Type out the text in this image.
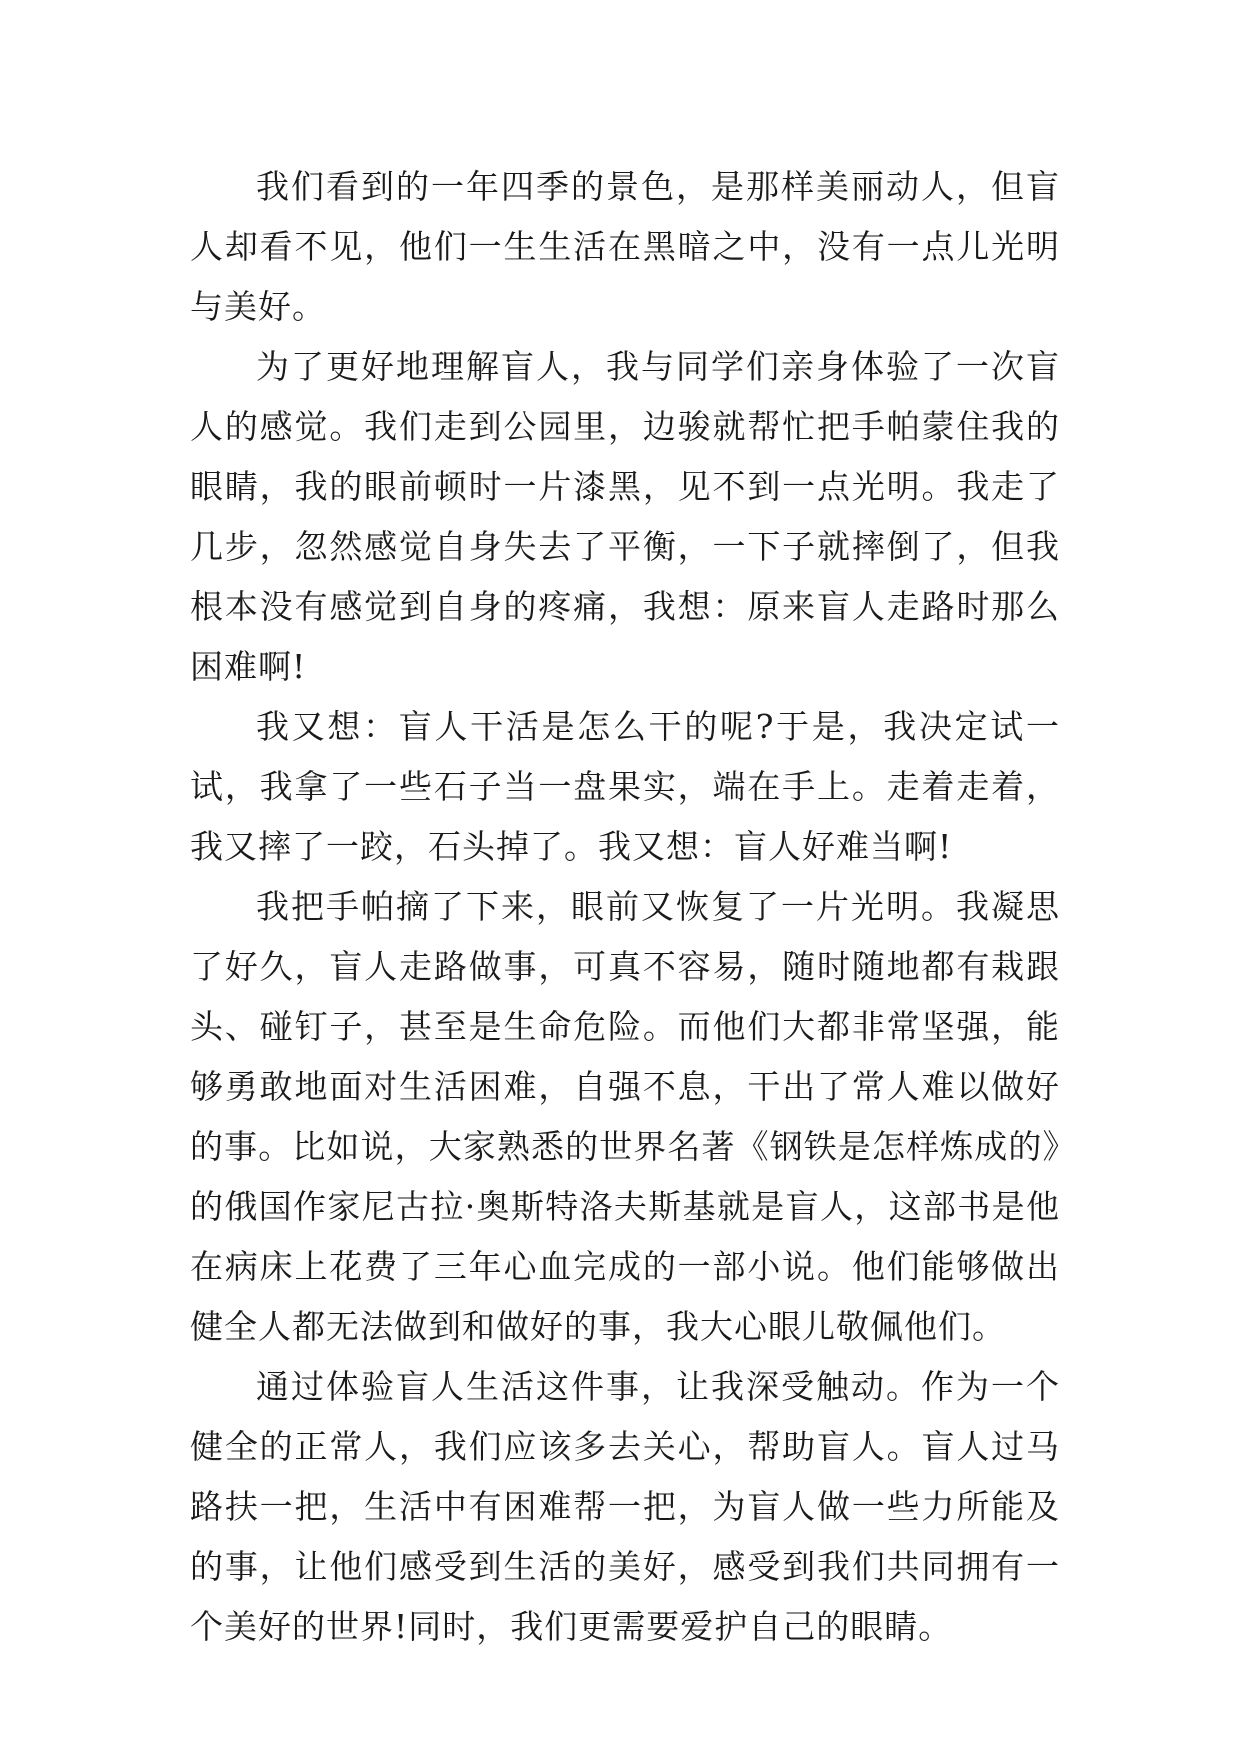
我们看到的一年四季的景色，是那样美丽动人，但盲人却看不见，他们一生生活在黑暗之中，没有一点儿光明与美好。

为了更好地理解盲人，我与同学们亲身体验了一次盲人的感觉。我们走到公园里，边骏就帮忙把手帕蒙住我的眼睛，我的眼前顿时一片漆黑，见不到一点光明。我走了几步，忽然感觉自身失去了平衡，一下子就摔倒了，但我根本没有感觉到自身的疼痛，我想：原来盲人走路时那么困难啊!

我又想：盲人干活是怎么干的呢?于是，我决定试一试，我拿了一些石子当一盘果实，端在手上。走着走着，我又摔了一跤，石头掉了。我又想：盲人好难当啊!

我把手帕摘了下来，眼前又恢复了一片光明。我凝思了好久，盲人走路做事，可真不容易，随时随地都有栽跟头、碰钉子，甚至是生命危险。而他们大都非常坚强，能够勇敢地面对生活困难，自强不息，干出了常人难以做好的事。比如说，大家熟悉的世界名著《钢铁是怎样炼成的》的俄国作家尼古拉·奥斯特洛夫斯基就是盲人，这部书是他在病床上花费了三年心血完成的一部小说。他们能够做出健全人都无法做到和做好的事，我大心眼儿敬佩他们。

通过体验盲人生活这件事，让我深受触动。作为一个健全的正常人，我们应该多去关心，帮助盲人。盲人过马路扶一把，生活中有困难帮一把，为盲人做一些力所能及的事，让他们感受到生活的美好，感受到我们共同拥有一个美好的世界!同时，我们更需要爱护自己的眼睛。
